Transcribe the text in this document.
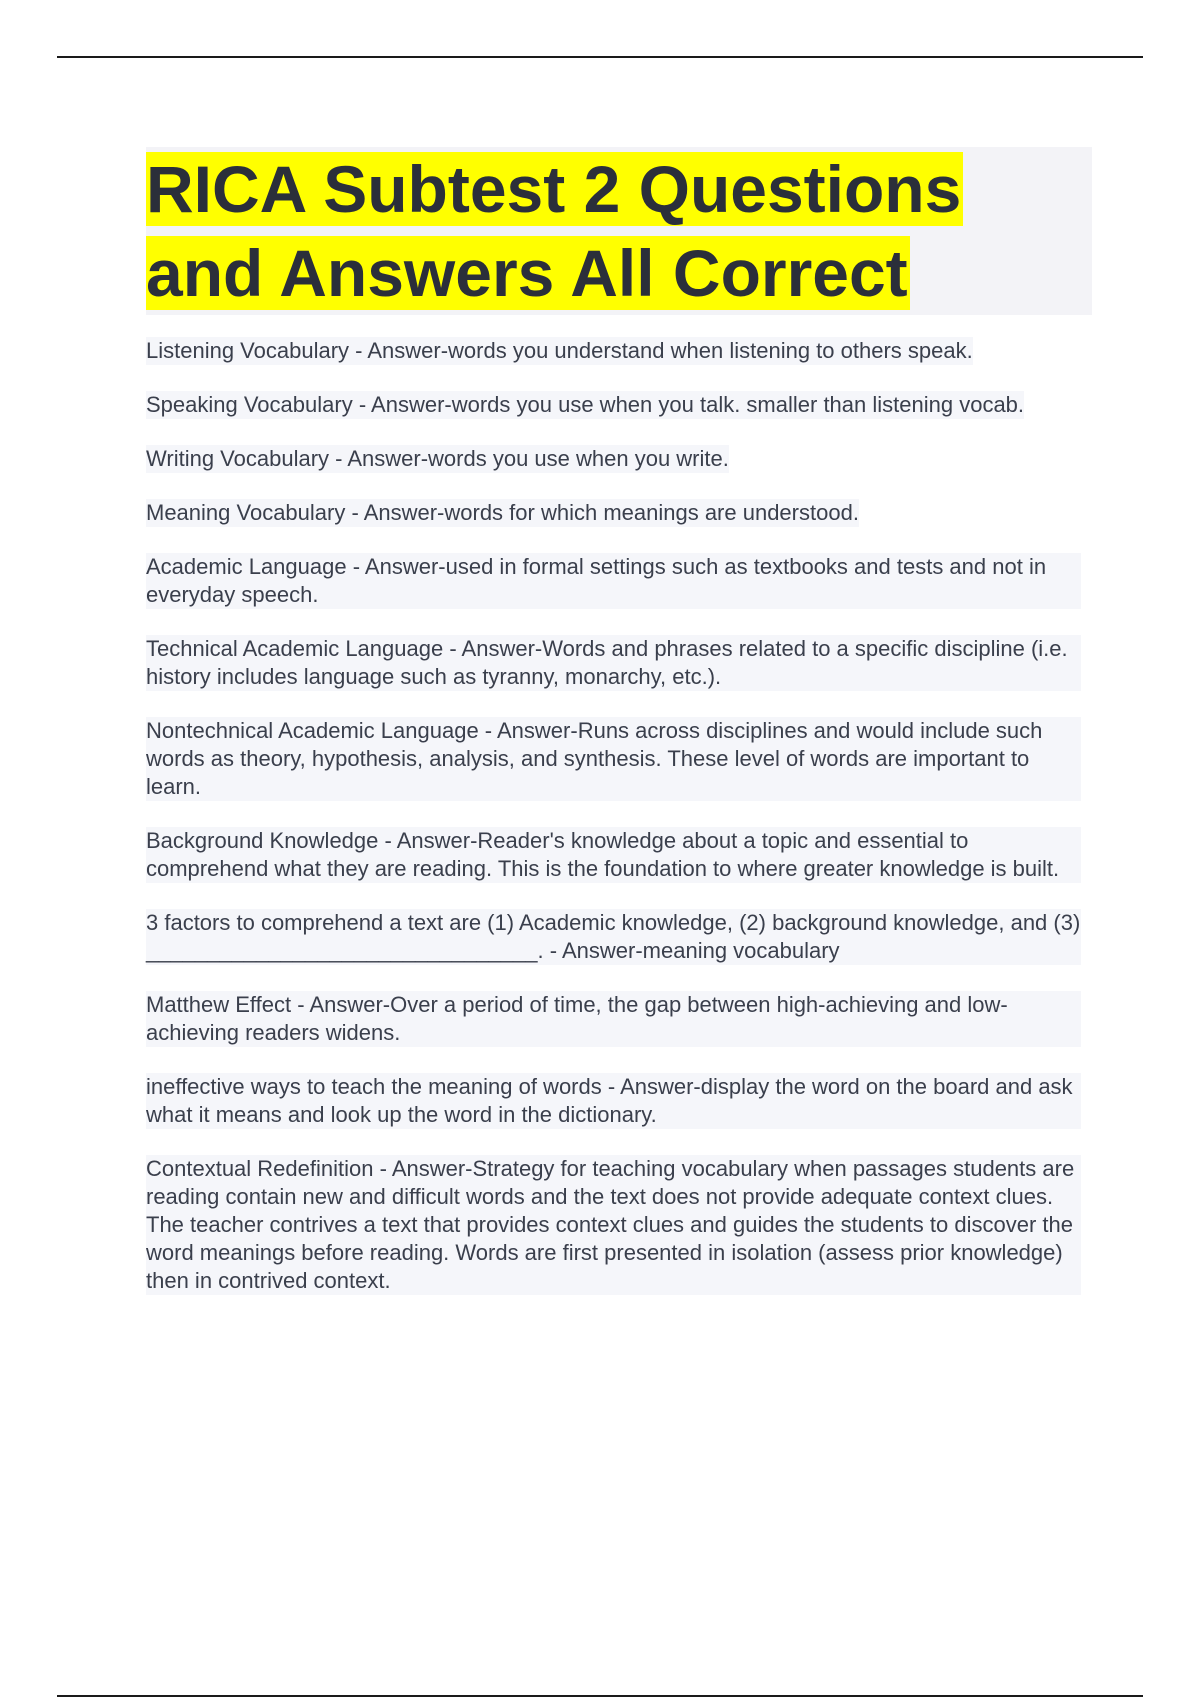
RICA Subtest 2 Questions and Answers All Correct
Listening Vocabulary - Answer-words you understand when listening to others speak.
Speaking Vocabulary - Answer-words you use when you talk. smaller than listening vocab.
Writing Vocabulary - Answer-words you use when you write.
Meaning Vocabulary - Answer-words for which meanings are understood.
Academic Language - Answer-used in formal settings such as textbooks and tests and not in everyday speech.
Technical Academic Language - Answer-Words and phrases related to a specific discipline (i.e. history includes language such as tyranny, monarchy, etc.).
Nontechnical Academic Language - Answer-Runs across disciplines and would include such words as theory, hypothesis, analysis, and synthesis. These level of words are important to learn.
Background Knowledge - Answer-Reader's knowledge about a topic and essential to comprehend what they are reading. This is the foundation to where greater knowledge is built.
3 factors to comprehend a text are (1) Academic knowledge, (2) background knowledge, and (3) ________________________________. - Answer-meaning vocabulary
Matthew Effect - Answer-Over a period of time, the gap between high-achieving and low-achieving readers widens.
ineffective ways to teach the meaning of words - Answer-display the word on the board and ask what it means and look up the word in the dictionary.
Contextual Redefinition - Answer-Strategy for teaching vocabulary when passages students are reading contain new and difficult words and the text does not provide adequate context clues. The teacher contrives a text that provides context clues and guides the students to discover the word meanings before reading. Words are first presented in isolation (assess prior knowledge) then in contrived context.
